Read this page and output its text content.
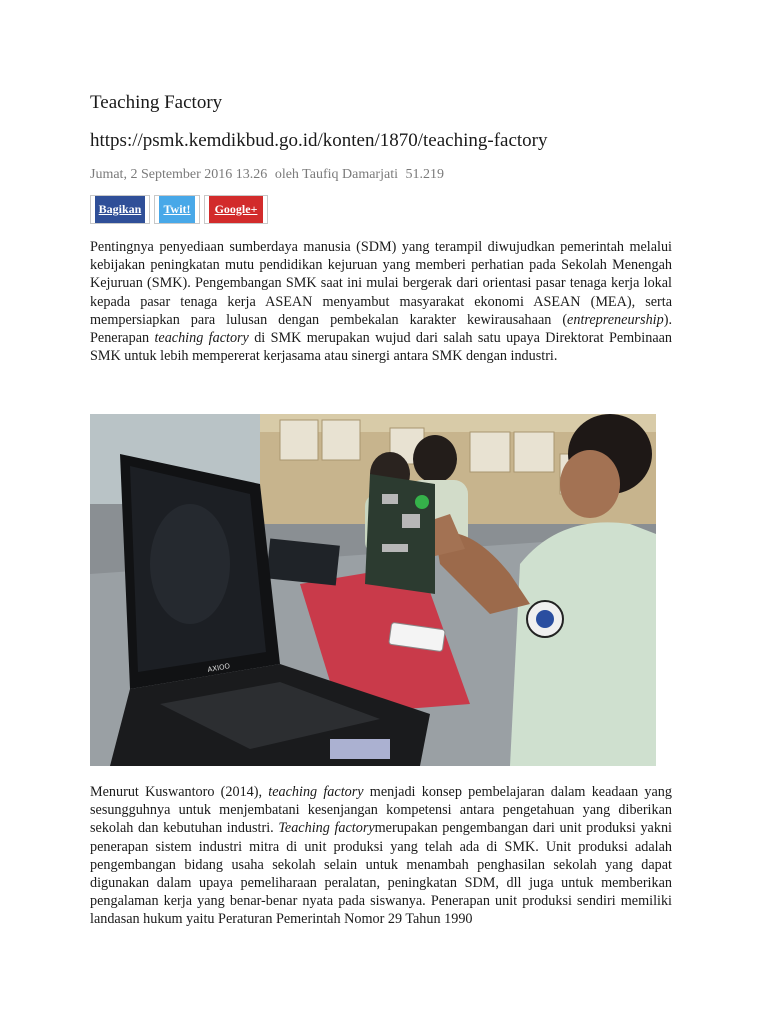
Teaching Factory
https://psmk.kemdikbud.go.id/konten/1870/teaching-factory
Jumat, 2 September 2016 13.26 oleh Taufiq Damarjati 51.219
Bagikan Twit! Google+

Pentingnya penyediaan sumberdaya manusia (SDM) yang terampil diwujudkan pemerintah melalui kebijakan peningkatan mutu pendidikan kejuruan yang memberi perhatian pada Sekolah Menengah Kejuruan (SMK). Pengembangan SMK saat ini mulai bergerak dari orientasi pasar tenaga kerja lokal kepada pasar tenaga kerja ASEAN menyambut masyarakat ekonomi ASEAN (MEA), serta mempersiapkan para lulusan dengan pembekalan karakter kewirausahaan (entrepreneurship). Penerapan teaching factory di SMK merupakan wujud dari salah satu upaya Direktorat Pembinaan SMK untuk lebih mempererat kerjasama atau sinergi antara SMK dengan industri.

AXIOO

Menurut Kuswantoro (2014), teaching factory menjadi konsep pembelajaran dalam keadaan yang sesungguhnya untuk menjembatani kesenjangan kompetensi antara pengetahuan yang diberikan sekolah dan kebutuhan industri. Teaching factorymerupakan pengembangan dari unit produksi yakni penerapan sistem industri mitra di unit produksi yang telah ada di SMK. Unit produksi adalah pengembangan bidang usaha sekolah selain untuk menambah penghasilan sekolah yang dapat digunakan dalam upaya pemeliharaan peralatan, peningkatan SDM, dll juga untuk memberikan pengalaman kerja yang benar-benar nyata pada siswanya. Penerapan unit produksi sendiri memiliki landasan hukum yaitu Peraturan Pemerintah Nomor 29 Tahun 1990
